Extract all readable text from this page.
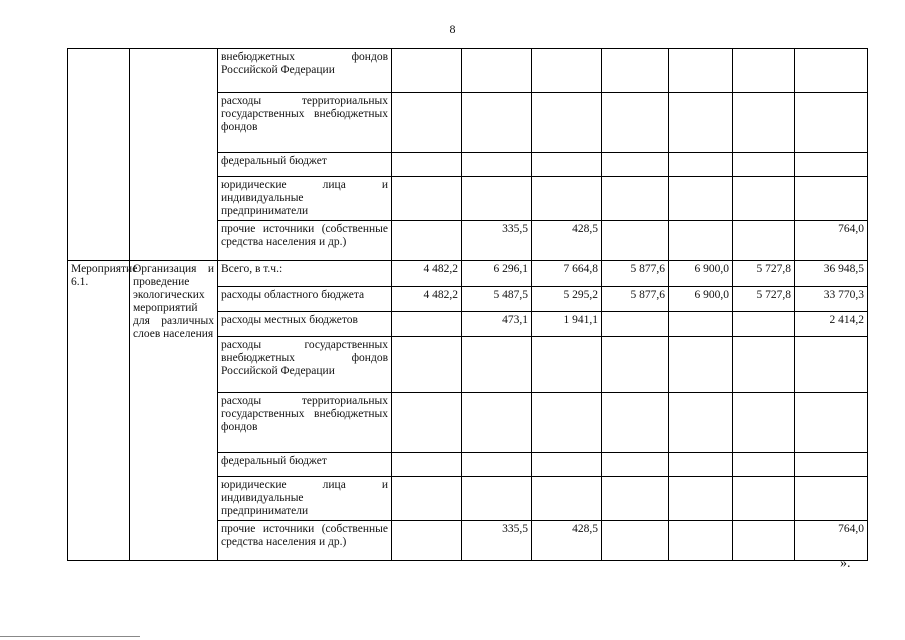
8
		внебюджетных фондов Российской Федерации							
		расходы территориальных государственных внебюджетных фондов							
		федеральный бюджет							
		юридические лица и индивидуальные предприниматели							
		прочие источники (собственные средства населения и др.)		335,5	428,5				764,0
Мероприятие 6.1.	Организация и проведение экологических мероприятий для различных слоев населения	Всего, в т.ч.:	4 482,2	6 296,1	7 664,8	5 877,6	6 900,0	5 727,8	36 948,5
		расходы областного бюджета	4 482,2	5 487,5	5 295,2	5 877,6	6 900,0	5 727,8	33 770,3
		расходы местных бюджетов		473,1	1 941,1				2 414,2
		расходы государственных внебюджетных фондов Российской Федерации							
		расходы территориальных государственных внебюджетных фондов							
		федеральный бюджет							
		юридические лица и индивидуальные предприниматели							
		прочие источники (собственные средства населения и др.)		335,5	428,5				764,0
».
